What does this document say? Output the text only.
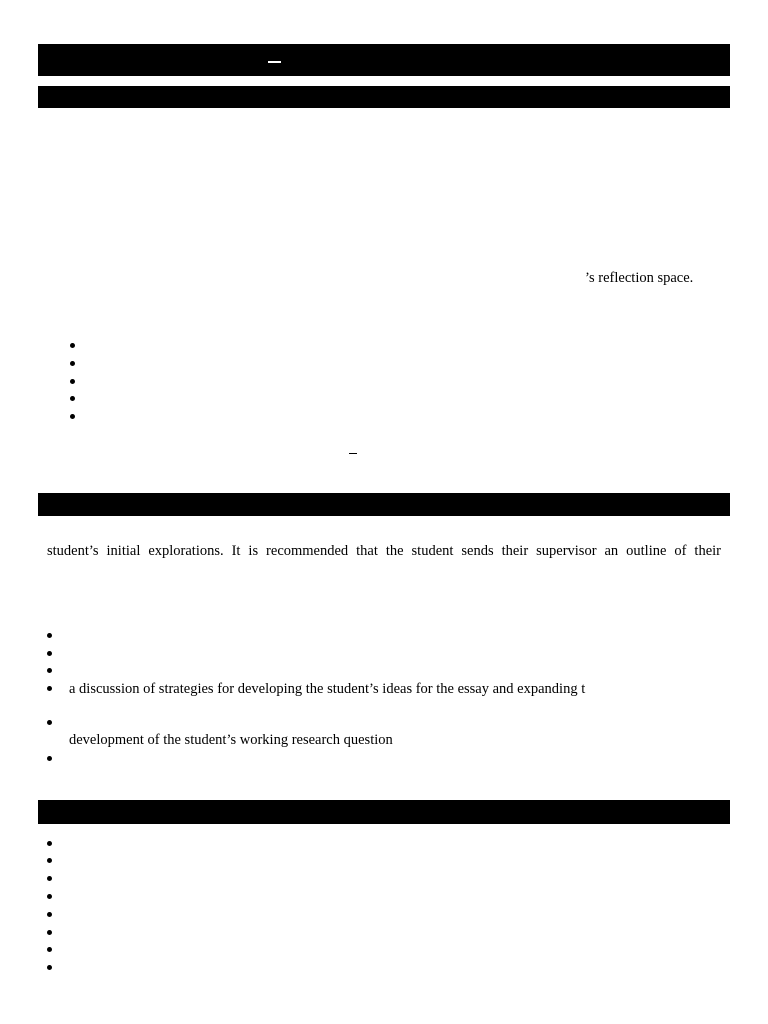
’s reflection space.
student’s initial explorations. It is recommended that the student sends their supervisor an outline of their
a discussion of strategies for developing the student’s ideas for the essay and expanding t
development of the student’s working research question
